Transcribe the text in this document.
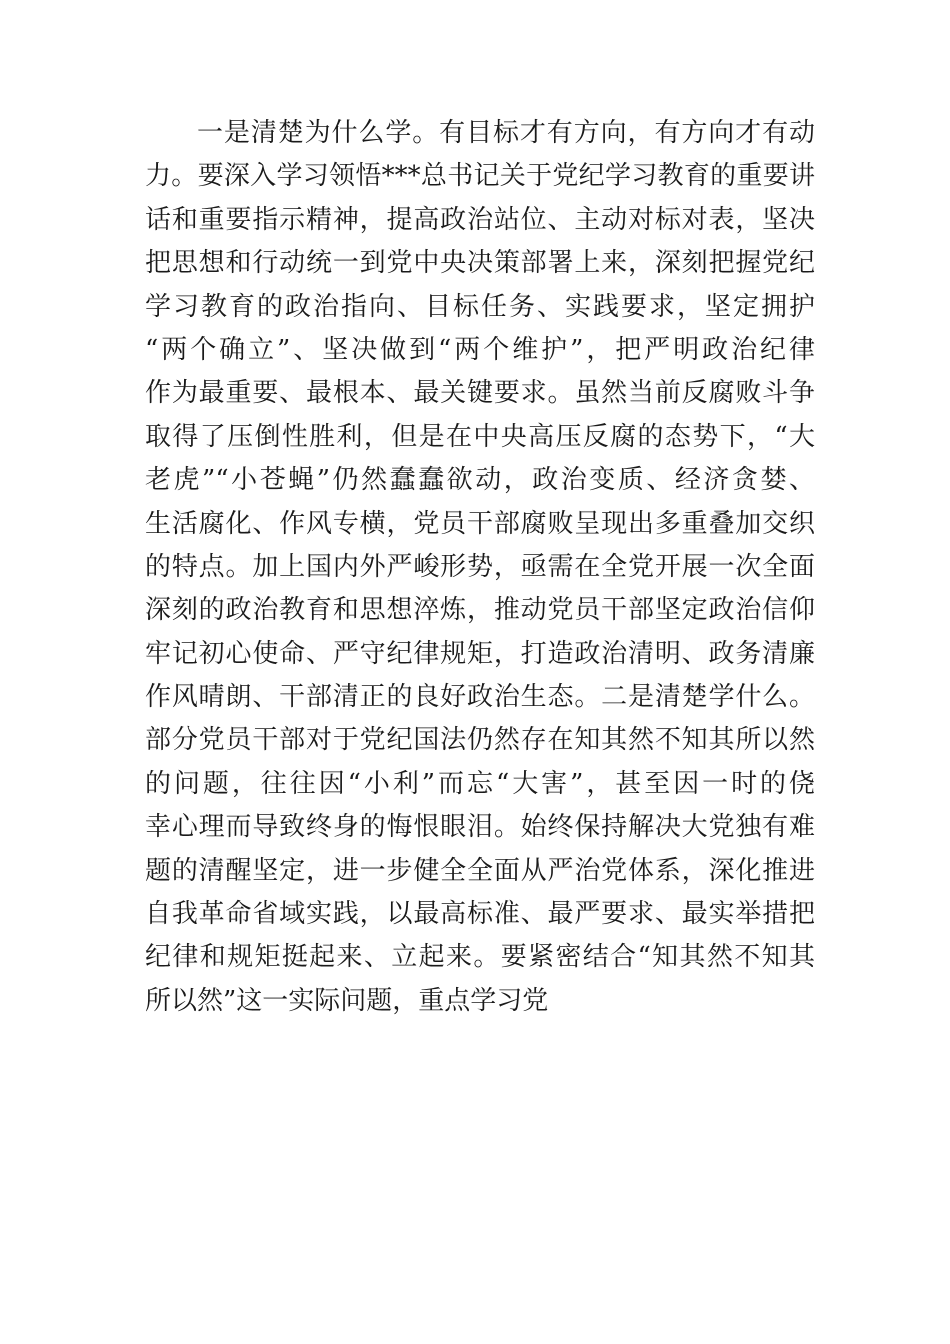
一是清楚为什么学。有目标才有方向，有方向才有动
力。要深入学习领悟***总书记关于党纪学习教育的重要讲
话和重要指示精神，提高政治站位、主动对标对表，坚决
把思想和行动统一到党中央决策部署上来，深刻把握党纪
学习教育的政治指向、目标任务、实践要求，坚定拥护
“两个确立”、坚决做到“两个维护”，把严明政治纪律
作为最重要、最根本、最关键要求。虽然当前反腐败斗争
取得了压倒性胜利，但是在中央高压反腐的态势下，“大
老虎”“小苍蝇”仍然蠢蠢欲动，政治变质、经济贪婪、
生活腐化、作风专横，党员干部腐败呈现出多重叠加交织
的特点。加上国内外严峻形势，亟需在全党开展一次全面
深刻的政治教育和思想淬炼，推动党员干部坚定政治信仰
牢记初心使命、严守纪律规矩，打造政治清明、政务清廉
作风晴朗、干部清正的良好政治生态。二是清楚学什么。
部分党员干部对于党纪国法仍然存在知其然不知其所以然
的问题，往往因“小利”而忘“大害”，甚至因一时的侥
幸心理而导致终身的悔恨眼泪。始终保持解决大党独有难
题的清醒坚定，进一步健全全面从严治党体系，深化推进
自我革命省域实践，以最高标准、最严要求、最实举措把
纪律和规矩挺起来、立起来。要紧密结合“知其然不知其
所以然”这一实际问题，重点学习党
